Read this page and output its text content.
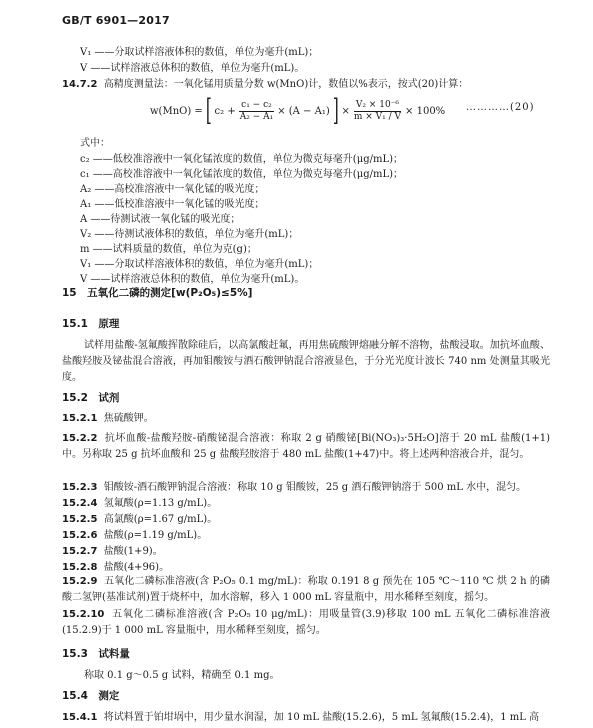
GB/T 6901—2017
V₁ ——分取试样溶液体积的数值，单位为毫升(mL)；
V ——试样溶液总体积的数值，单位为毫升(mL)。
14.7.2 高精度测量法：一氧化锰用质量分数 w(MnO)计，数值以%表示，按式(20)计算：
w(MnO) = [ $c_2 + \frac{\text{c₁ − c₂}}{\text{A₂ − A₁}} \times (A - A_1)$ ] × $\frac{\text{V₂ × 10⁻⁶}}{\text{m × V₁ / V}} \times 100\%$ …………(20)
式中：
c₂ ——低校准溶液中一氧化锰浓度的数值，单位为微克每毫升(μg/mL)；
c₁ ——高校准溶液中一氧化锰浓度的数值，单位为微克每毫升(μg/mL)；
A₂ ——高校准溶液中一氧化锰的吸光度；
A₁ ——低校准溶液中一氧化锰的吸光度；
A ——待测试液一氧化锰的吸光度；
V₂ ——待测试液体积的数值，单位为毫升(mL)；
m ——试料质量的数值，单位为克(g)；
V₁ ——分取试样溶液体积的数值，单位为毫升(mL)；
V ——试样溶液总体积的数值，单位为毫升(mL)。
15　五氧化二磷的测定[w(P₂O₅)≤5%]
15.1　原理
试样用盐酸-氢氟酸挥散除硅后，以高氯酸赶氟，再用焦硫酸钾熔融分解不溶物，盐酸浸取。加抗坏血酸、盐酸羟胺及铋盐混合溶液，再加钼酸铵与酒石酸钾钠混合溶液显色，于分光光度计波长 740 nm 处测量其吸光度。
15.2　试剂
15.2.1 焦硫酸钾。
15.2.2 抗坏血酸-盐酸羟胺-硝酸铋混合溶液：称取 2 g 硝酸铋[Bi(NO₃)₃·5H₂O]溶于 20 mL 盐酸(1+1)中。另称取 25 g 抗坏血酸和 25 g 盐酸羟胺溶于 480 mL 盐酸(1+47)中。将上述两种溶液合并，混匀。
15.2.3 钼酸铵-酒石酸钾钠混合溶液：称取 10 g 钼酸铵，25 g 酒石酸钾钠溶于 500 mL 水中，混匀。
15.2.4 氢氟酸(ρ=1.13 g/mL)。
15.2.5 高氯酸(ρ=1.67 g/mL)。
15.2.6 盐酸(ρ=1.19 g/mL)。
15.2.7 盐酸(1+9)。
15.2.8 盐酸(4+96)。
15.2.9 五氧化二磷标准溶液(含 P₂O₅ 0.1 mg/mL)：称取 0.191 8 g 预先在 105 ℃～110 ℃ 烘 2 h 的磷酸二氢钾(基准试剂)置于烧杯中，加水溶解，移入 1 000 mL 容量瓶中，用水稀释至刻度，摇匀。
15.2.10 五氧化二磷标准溶液(含 P₂O₅ 10 μg/mL)：用吸量管(3.9)移取 100 mL 五氧化二磷标准溶液(15.2.9)于 1 000 mL 容量瓶中，用水稀释至刻度，摇匀。
15.3　试料量
称取 0.1 g～0.5 g 试料，精确至 0.1 mg。
15.4　测定
15.4.1 将试料置于铂坩埚中，用少量水润湿，加 10 mL 盐酸(15.2.6)，5 mL 氢氟酸(15.2.4)，1 mL 高
